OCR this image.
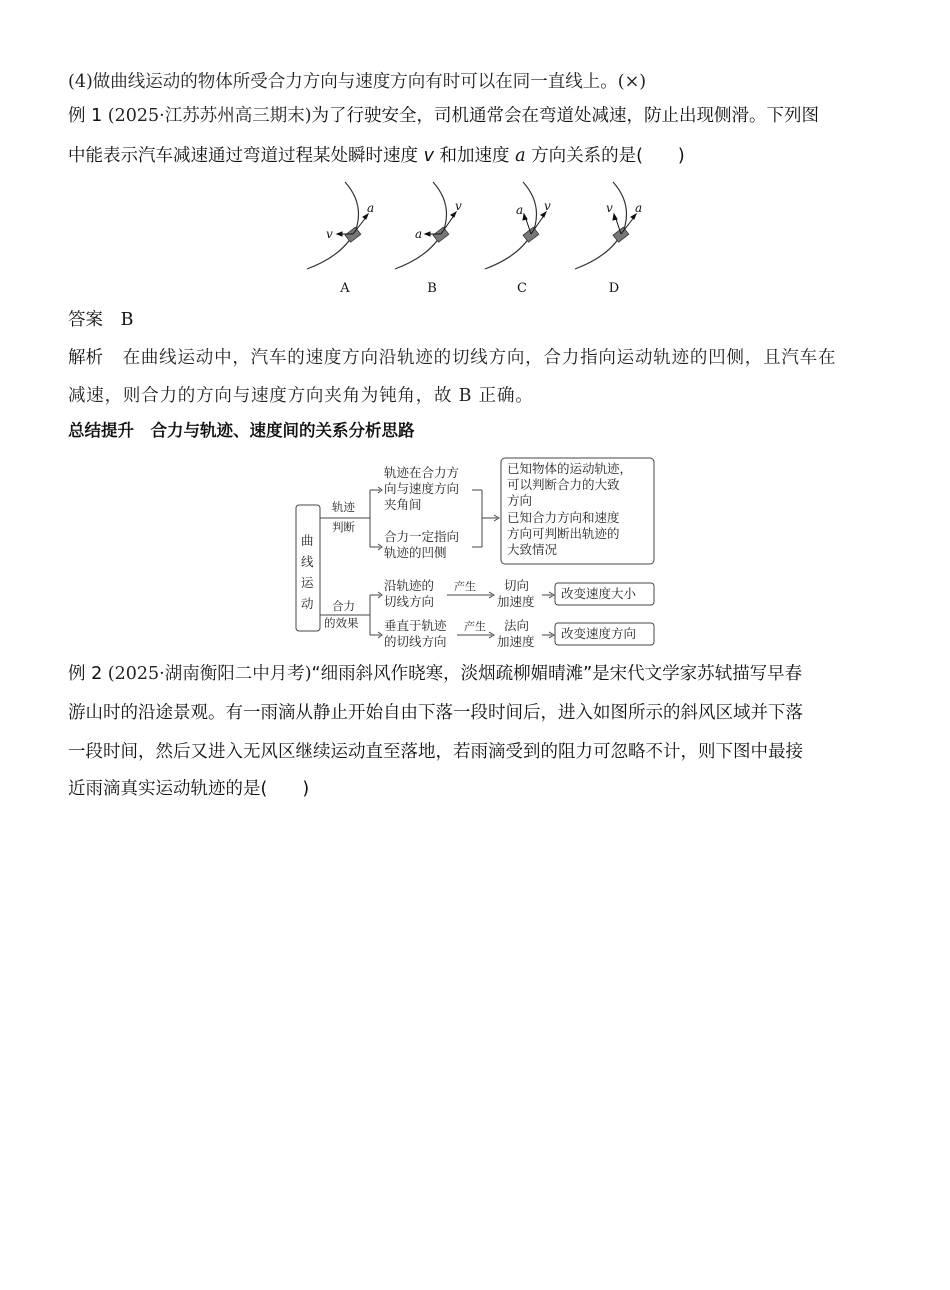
(4)做曲线运动的物体所受合力方向与速度方向有时可以在同一直线上。(×)
例 1 (2025·江苏苏州高三期末)为了行驶安全，司机通常会在弯道处减速，防止出现侧滑。下列图
中能表示汽车减速通过弯道过程某处瞬时速度 v 和加速度 a 方向关系的是(　　)
v
a
a
v	a v	v a
A	B	C	D
答案 B
解析 在曲线运动中，汽车的速度方向沿轨迹的切线方向，合力指向运动轨迹的凹侧，且汽车在
减速，则合力的方向与速度方向夹角为钝角，故 B 正确。
总结提升　合力与轨迹、速度间的关系分析思路
曲
线
运
动
轨迹
判断
轨迹在合力方
向与速度方向
夹角间
合力一定指向
轨迹的凹侧
已知物体的运动轨迹，
可以判断合力的大致
方向
已知合力方向和速度
方向可判断出轨迹的
大致情况
合力
的效果
沿轨迹的
切线方向
垂直于轨迹
的切线方向
产生
产生
切向
加速度
法向
加速度
改变速度大小
改变速度方向
例 2 (2025·湖南衡阳二中月考)“细雨斜风作晓寒，淡烟疏柳媚晴滩”是宋代文学家苏轼描写早春
游山时的沿途景观。有一雨滴从静止开始自由下落一段时间后，进入如图所示的斜风区域并下落
一段时间，然后又进入无风区继续运动直至落地，若雨滴受到的阻力可忽略不计，则下图中最接
近雨滴真实运动轨迹的是(　　)
